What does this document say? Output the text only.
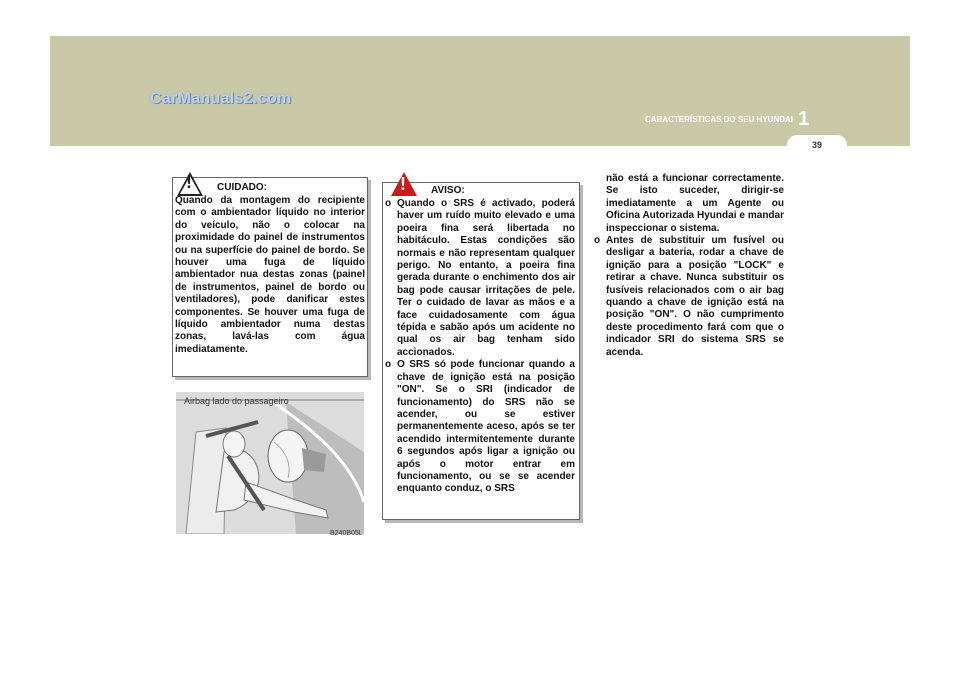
CarManuals2.com
CARACTERÍSTICAS DO SEU HYUNDAI 1
39
!	CUIDADO:
Quando da montagem do recipiente com o ambientador líquido no interior do veículo, não o colocar na proximidade do painel de instrumentos ou na superfície do painel de bordo. Se houver uma fuga de líquido ambientador nua destas zonas (painel de instrumentos, painel de bordo ou ventiladores), pode danificar estes componentes. Se houver uma fuga de líquido ambientador numa destas zonas, lavá-las com água imediatamente.
Airbag lado do passageiro
B240B05L
!	AVISO:

o Quando o SRS é activado, poderá haver um ruído muito elevado e uma poeira fina será libertada no habitáculo. Estas condições são normais e não representam qualquer perigo. No entanto, a poeira fina gerada durante o enchimento dos air bag pode causar irritações de pele. Ter o cuidado de lavar as mãos e a face cuidadosamente com água tépida e sabão após um acidente no qual os air bag tenham sido accionados.

o O SRS só pode funcionar quando a chave de ignição está na posição "ON". Se o SRI (indicador de funcionamento) do SRS não se acender, ou se estiver permanentemente aceso, após se ter acendido intermitentemente durante 6 segundos após ligar a ignição ou após o motor entrar em funcionamento, ou se se acender enquanto conduz, o SRS

não está a funcionar correctamente. Se isto suceder, dirigir-se imediatamente a um Agente ou Oficina Autorizada Hyundai e mandar inspeccionar o sistema.

o Antes de substituir um fusível ou desligar a bateria, rodar a chave de ignição para a posição "LOCK" e retirar a chave. Nunca substituir os fusíveis relacionados com o air bag quando a chave de ignição está na posição "ON". O não cumprimento deste procedimento fará com que o indicador SRI do sistema SRS se acenda.
